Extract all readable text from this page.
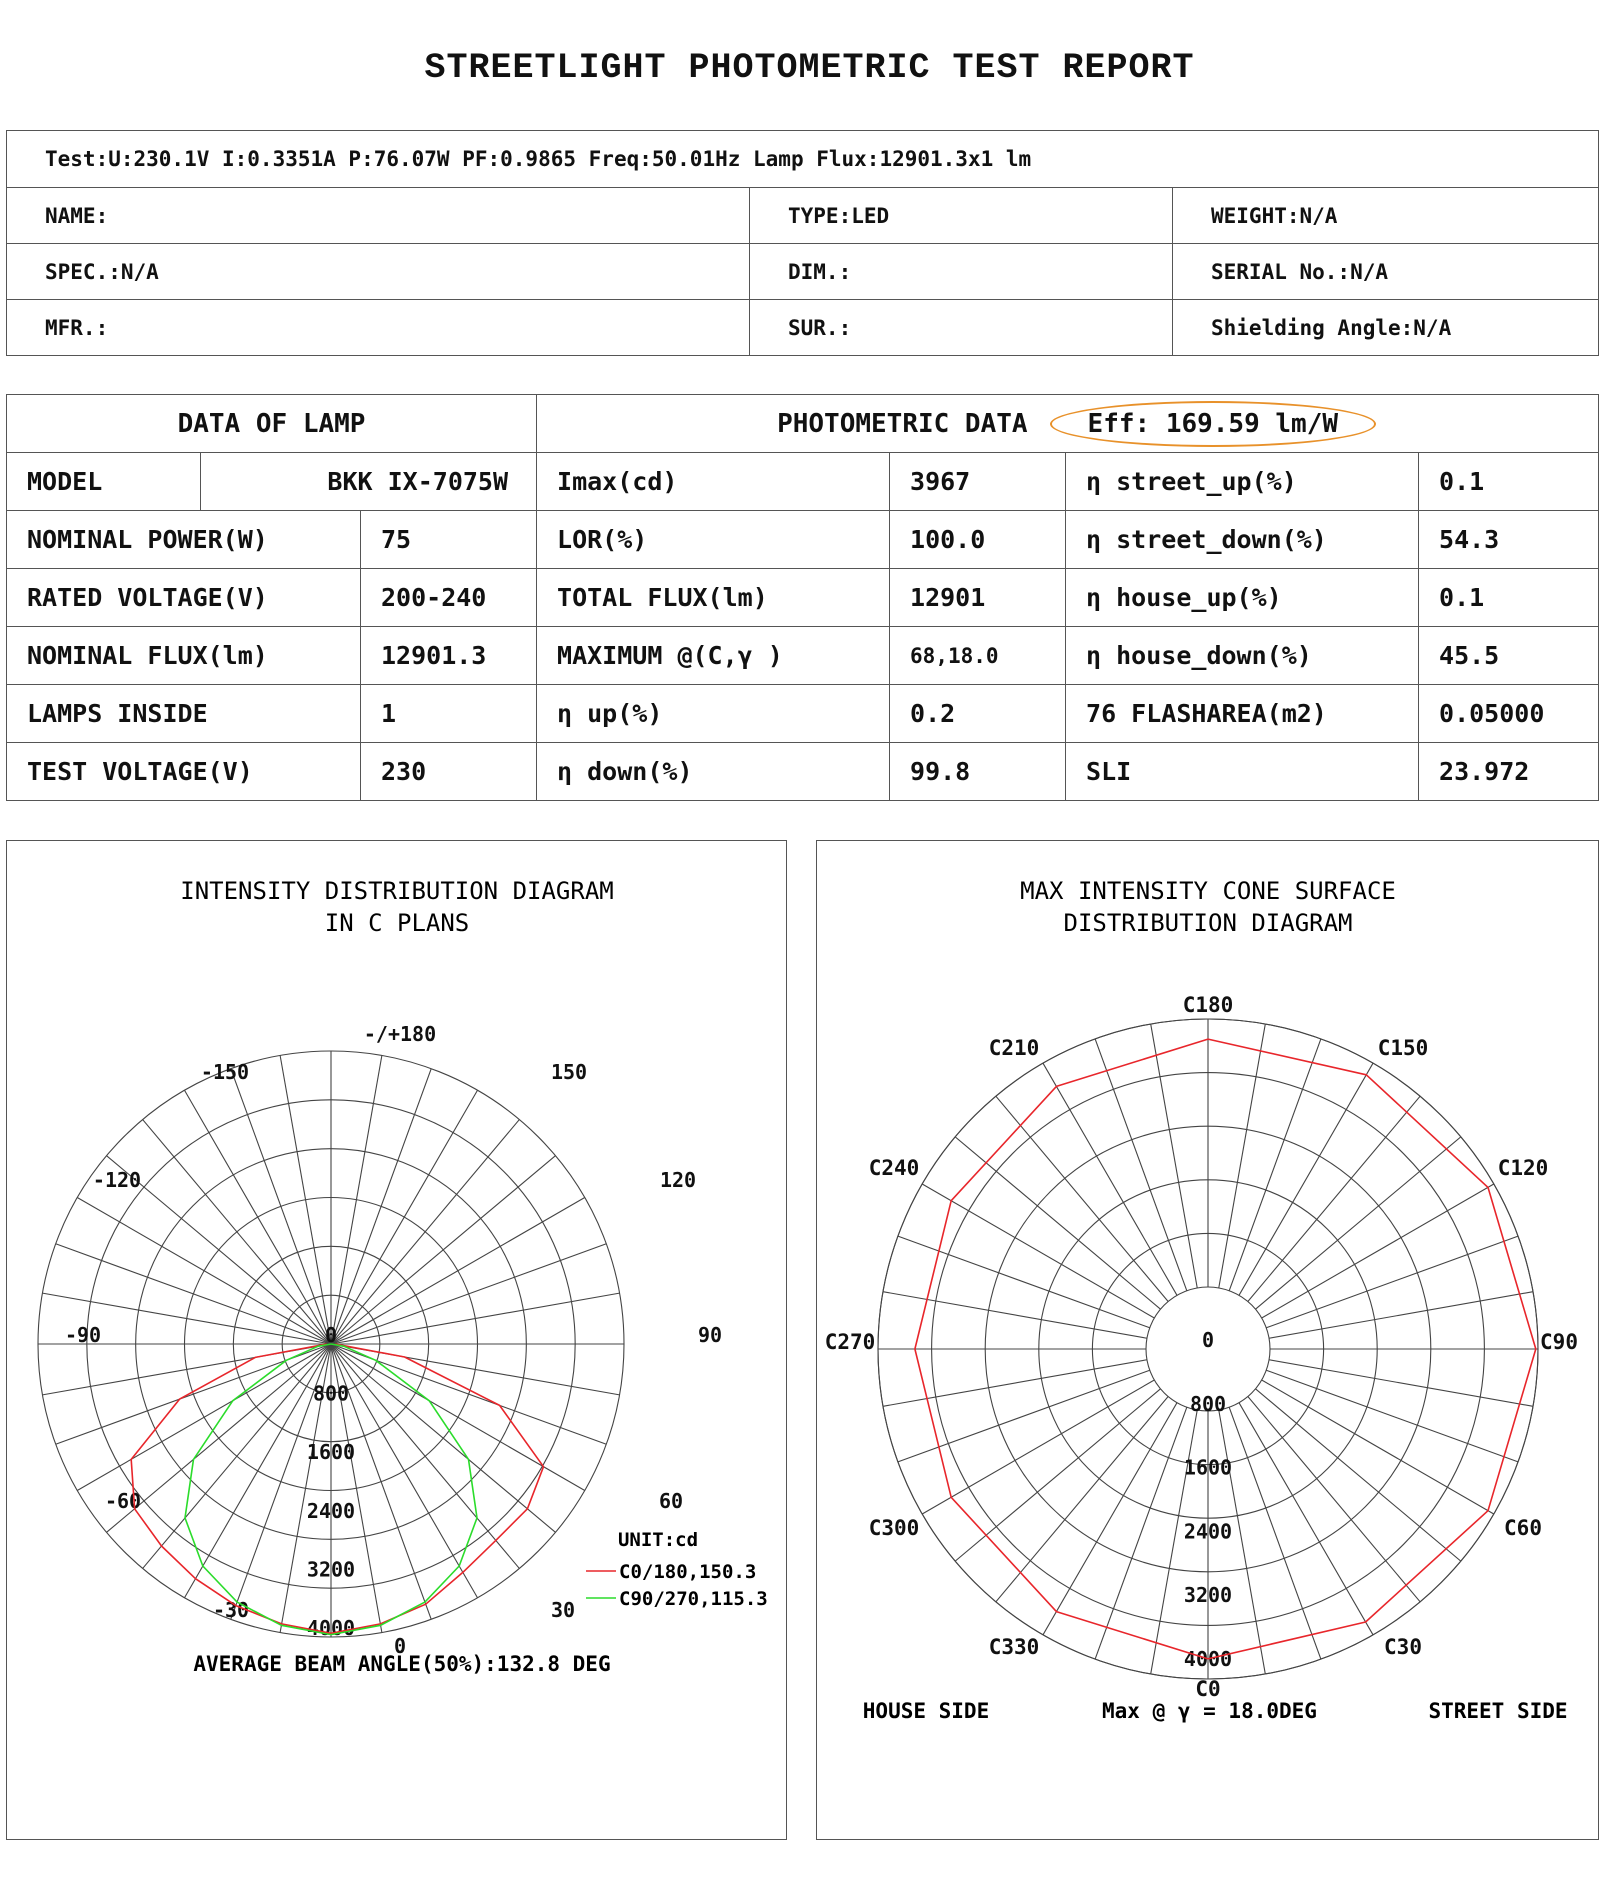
STREETLIGHT PHOTOMETRIC TEST REPORT
Test:U:230.1V I:0.3351A P:76.07W PF:0.9865 Freq:50.01Hz Lamp Flux:12901.3x1 lm		
NAME:	TYPE:LED	WEIGHT:N/A
SPEC.:N/A	DIM.:	SERIAL No.:N/A
MFR.:	SUR.:	Shielding Angle:N/A
DATA OF LAMP			PHOTOMETRIC DATA Eff: 169.59 lm/W			
MODEL	BKK IX-7075W		Imax(cd)	3967	η street_up(%)	0.1
NOMINAL POWER(W)		75	LOR(%)	100.0	η street_down(%)	54.3
RATED VOLTAGE(V)		200-240	TOTAL FLUX(lm)	12901	η house_up(%)	0.1
NOMINAL FLUX(lm)		12901.3	MAXIMUM @(C,γ )	68,18.0	η house_down(%)	45.5
LAMPS INSIDE		1	η up(%)	0.2	76 FLASHAREA(m2)	0.05000
TEST VOLTAGE(V)		230	η down(%)	99.8	SLI	23.972
INTENSITY DISTRIBUTION DIAGRAM
IN C PLANS
-/+180
-150	150
-120	120
-90	90
-60	60
-30	30
0
0
800
1600
2400
3200
4000
UNIT:cd
C0/180,150.3
C90/270,115.3
AVERAGE BEAM ANGLE(50%):132.8 DEG
MAX INTENSITY CONE SURFACE
DISTRIBUTION DIAGRAM
C180
C210	C150
C240	C120
C270	C90
C300	C60
C330	C30
C0
0
800
1600
2400
3200
4000
HOUSE SIDE	Max @ γ = 18.0DEG	STREET SIDE
